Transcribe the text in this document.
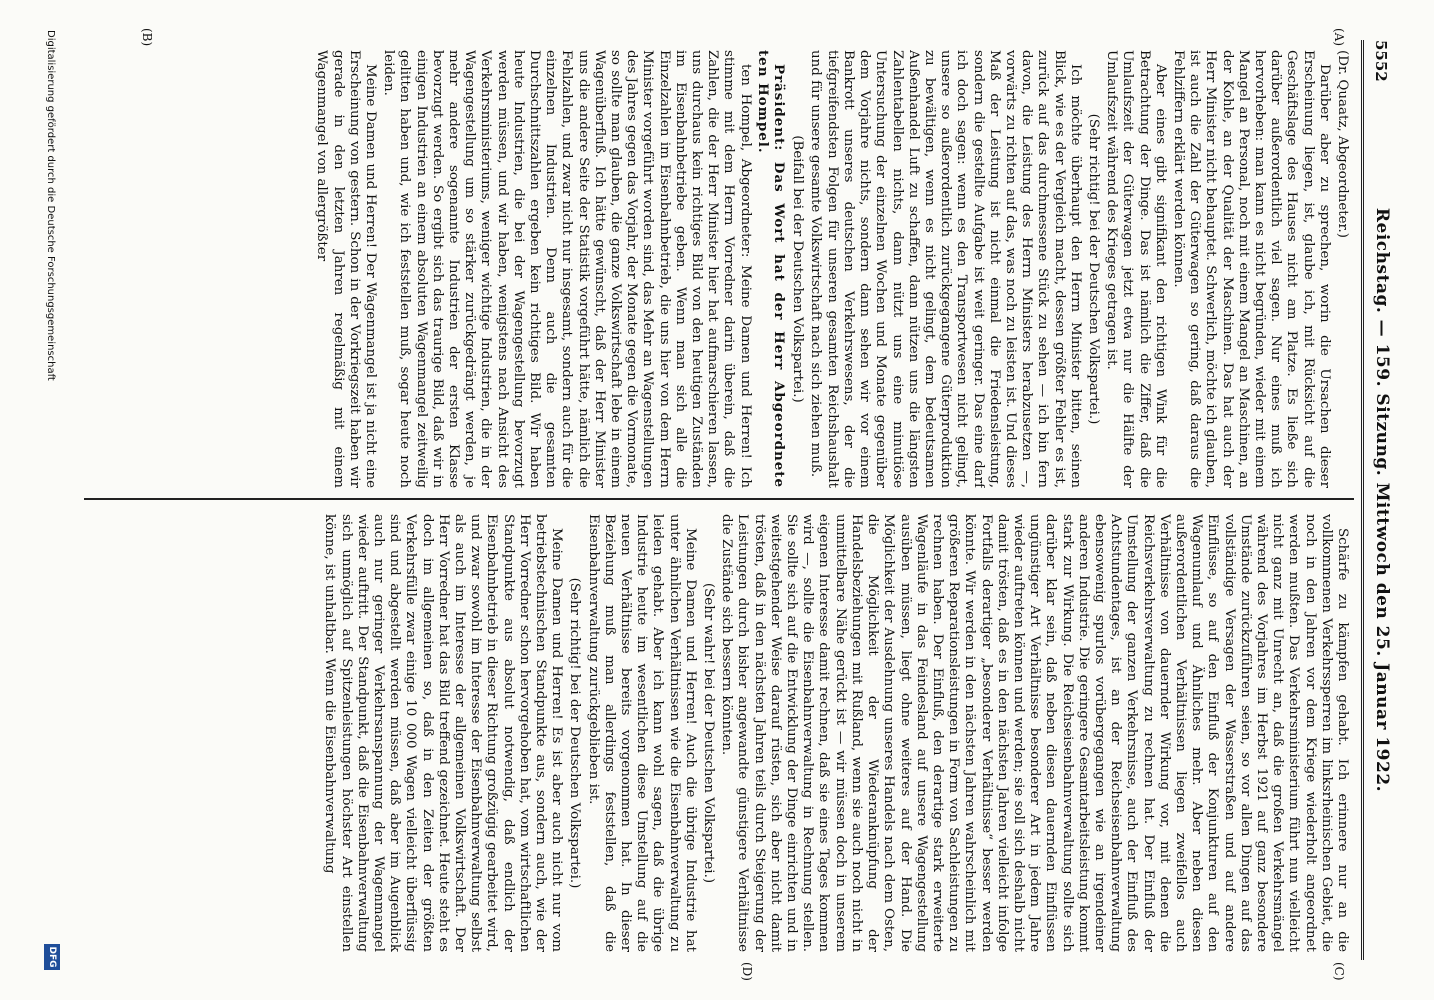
5552
Reichstag. — 159. Sitzung. Mittwoch den 25. Januar 1922.
(A)
(B)
(C)
(D)

(Dr. Quaatz, Abgeordneter.)

Darüber aber zu sprechen, worin die Ursachen dieser Erscheinung liegen, ist, glaube ich, mit Rücksicht auf die Geschäftslage des Hauses nicht am Platze. Es ließe sich darüber außerordentlich viel sagen. Nur eines muß ich hervorheben: man kann es nicht begründen, wieder mit einem Mangel an Personal, noch mit einem Mangel an Maschinen, an der Kohle, an der Qualität der Maschinen. Das hat auch der Herr Minister nicht behauptet. Schwerlich, möchte ich glauben, ist auch die Zahl der Güterwagen so gering, daß daraus die Fehlziffern erklärt werden können.

Aber eines gibt signifikant den richtigen Wink für die Betrachtung der Dinge. Das ist nämlich die Ziffer, daß die Umlaufszeit der Güterwagen jetzt etwa nur die Hälfte der Umlaufszeit während des Krieges getragen ist.

(Sehr richtig! bei der Deutschen Volkspartei.)

Ich möchte überhaupt den Herrn Minister bitten, seinen Blick, wie es der Vergleich macht, dessen größter Fehler es ist, zurück auf das durchmessene Stück zu sehen — ich bin fern davon, die Leistung des Herrn Ministers herabzusetzen —, vorwärts zu richten auf das, was noch zu leisten ist. Und dieses Maß der Leistung ist nicht einmal die Friedensleistung, sondern die gestellte Aufgabe ist weit geringer. Das eine darf ich doch sagen: wenn es den Transportwesen nicht gelingt, unsere so außerordentlich zurückgegangene Güterproduktion zu bewältigen, wenn es nicht gelingt, dem bedeutsamen Außenhandel Luft zu schaffen, dann nützen uns die längsten Zahlentabellen nichts, dann nützt uns eine minutiöse Untersuchung der einzelnen Wochen und Monate gegenüber dem Vorjahre nichts, sondern dann sehen wir vor einem Bankrott unseres deutschen Verkehrswesens, der die tiefgreifendsten Folgen für unseren gesamten Reichshaushalt und für unsere gesamte Volkswirtschaft nach sich ziehen muß.

(Beifall bei der Deutschen Volkspartei.)

Präsident: Das Wort hat der Herr Abgeordnete ten Hompel.

ten Hompel, Abgeordneter: Meine Damen und Herren! Ich stimme mit dem Herrn Vorredner darin überein, daß die Zahlen, die der Herr Minister hier hat aufmarschieren lassen, uns durchaus kein richtiges Bild von den heutigen Zuständen im Eisenbahnbetriebe geben. Wenn man sich alle die Einzelzahlen im Eisenbahnbetrieb, die uns hier von dem Herrn Minister vorgeführt worden sind, das Mehr an Wagenstellungen des Jahres gegen das Vorjahr, der Monate gegen die Vormonate, so sollte man glauben, die ganze Volkswirtschaft lebe in einem Wagenüberfluß. Ich hätte gewünscht, daß der Herr Minister uns die andere Seite der Statistik vorgeführt hätte, nämlich die Fehlzahlen, und zwar nicht nur insgesamt, sondern auch für die einzelnen Industrien. Denn auch die gesamten Durchschnittszahlen ergeben kein richtiges Bild. Wir haben heute Industrien, die bei der Wagengestellung bevorzugt werden müssen, und wir haben, wenigstens nach Ansicht des Verkehrsministeriums, weniger wichtige Industrien, die in der Wagengestellung um so stärker zurückgedrängt werden, je mehr andere sogenannte Industrien der ersten Klasse bevorzugt werden. So ergibt sich das traurige Bild, daß wir in einigen Industrien an einem absoluten Wagenmangel zeitweilig gelitten haben und, wie ich feststellen muß, sogar heute noch leiden.

Meine Damen und Herren! Der Wagenmangel ist ja nicht eine Erscheinung von gestern. Schon in der Vorkriegszeit haben wir gerade in den letzten Jahren regelmäßig mit einem Wagenmangel von allergrößter

Schärfe zu kämpfen gehabt. Ich erinnere nur an die vollkommenen Verkehrssperren im linksrheinischen Gebiet, die noch in den Jahren vor dem Kriege wiederholt angeordnet werden mußten. Das Verkehrsministerium führt nun vielleicht nicht ganz mit Unrecht an, daß die großen Verkehrsmängel während des Vorjahres im Herbst 1921 auf ganz besondere Umstände zurückzuführen seien, so vor allen Dingen auf das vollständige Versagen der Wasserstraßen und auf andere Einflüsse, so auf den Einfluß der Konjunkturen auf den Wagenumlauf und Ähnliches mehr. Aber neben diesen außerordentlichen Verhältnissen liegen zweifellos auch Verhältnisse von dauernder Wirkung vor, mit denen die Reichsverkehrsverwaltung zu rechnen hat. Der Einfluß der Umstellung der ganzen Verkehrsnisse, auch der Einfluß des Achtstundentages, ist an der Reichseisenbahnverwaltung ebensowenig spurlos vorübergegangen wie an irgendeiner anderen Industrie. Die geringere Gesamtarbeitsleistung kommt stark zur Wirkung. Die Reichseisenbahnverwaltung sollte sich darüber klar sein, daß neben diesen dauernden Einflüssen ungünstiger Art Verhältnisse besonderer Art in jedem Jahre wieder auftreten können und werden; sie soll sich deshalb nicht damit trösten, daß es in den nächsten Jahren vielleicht infolge Fortfalls derartiger „besonderer Verhältnisse“ besser werden könnte. Wir werden in den nächsten Jahren wahrscheinlich mit größeren Reparationsleistungen in Form von Sachleistungen zu rechnen haben. Der Einfluß, den derartige stark erweiterte Wagenläufe in das Feindesland auf unsere Wagengestellung ausüben müssen, liegt ohne weiteres auf der Hand. Die Möglichkeit der Ausdehnung unseres Handels nach dem Osten, die Möglichkeit der Wiederanknüpfung der Handelsbeziehungen mit Rußland, wenn sie auch noch nicht in unmittelbare Nähe gerückt ist — wir müssen doch in unserem eigenen Interesse damit rechnen, daß sie eines Tages kommen wird —, sollte die Eisenbahnverwaltung in Rechnung stellen. Sie sollte sich auf die Entwicklung der Dinge einrichten und in weitestgehender Weise darauf rüsten, sich aber nicht damit trösten, daß in den nächsten Jahren teils durch Steigerung der Leistungen durch bisher angewandte günstigere Verhältnisse die Zustände sich bessern könnten.

(Sehr wahr! bei der Deutschen Volkspartei.)

Meine Damen und Herren! Auch die übrige Industrie hat unter ähnlichen Verhältnissen wie die Eisenbahnverwaltung zu leiden gehabt. Aber ich kann wohl sagen, daß die übrige Industrie heute im wesentlichen diese Umstellung auf die neuen Verhältnisse bereits vorgenommen hat. In dieser Beziehung muß man allerdings feststellen, daß die Eisenbahnverwaltung zurückgeblieben ist.

(Sehr richtig! bei der Deutschen Volkspartei.)

Meine Damen und Herren! Es ist aber auch nicht nur vom betriebstechnischen Standpunkte aus, sondern auch, wie der Herr Vorredner schon hervorgehoben hat, vom wirtschaftlichen Standpunkte aus absolut notwendig, daß endlich der Eisenbahnbetrieb in dieser Richtung großzügig gearbeitet wird, und zwar sowohl im Interesse der Eisenbahnverwaltung selbst als auch im Interesse der allgemeinen Volkswirtschaft. Der Herr Vorredner hat das Bild treffend gezeichnet. Heute steht es doch im allgemeinen so, daß in den Zeiten der größten Verkehrsfülle zwar einige 10 000 Wagen vielleicht überflüssig sind und abgestellt werden müssen, daß aber im Augenblick auch nur geringer Verkehrsanspannung der Wagenmangel wieder auftritt. Der Standpunkt, daß die Eisenbahnverwaltung sich unmöglich auf Spitzenleistungen höchster Art einstellen könne, ist unhaltbar. Wenn die Eisenbahnverwaltung

Digitalisierung gefördert durch die Deutsche Forschungsgemeinschaft
DFG
